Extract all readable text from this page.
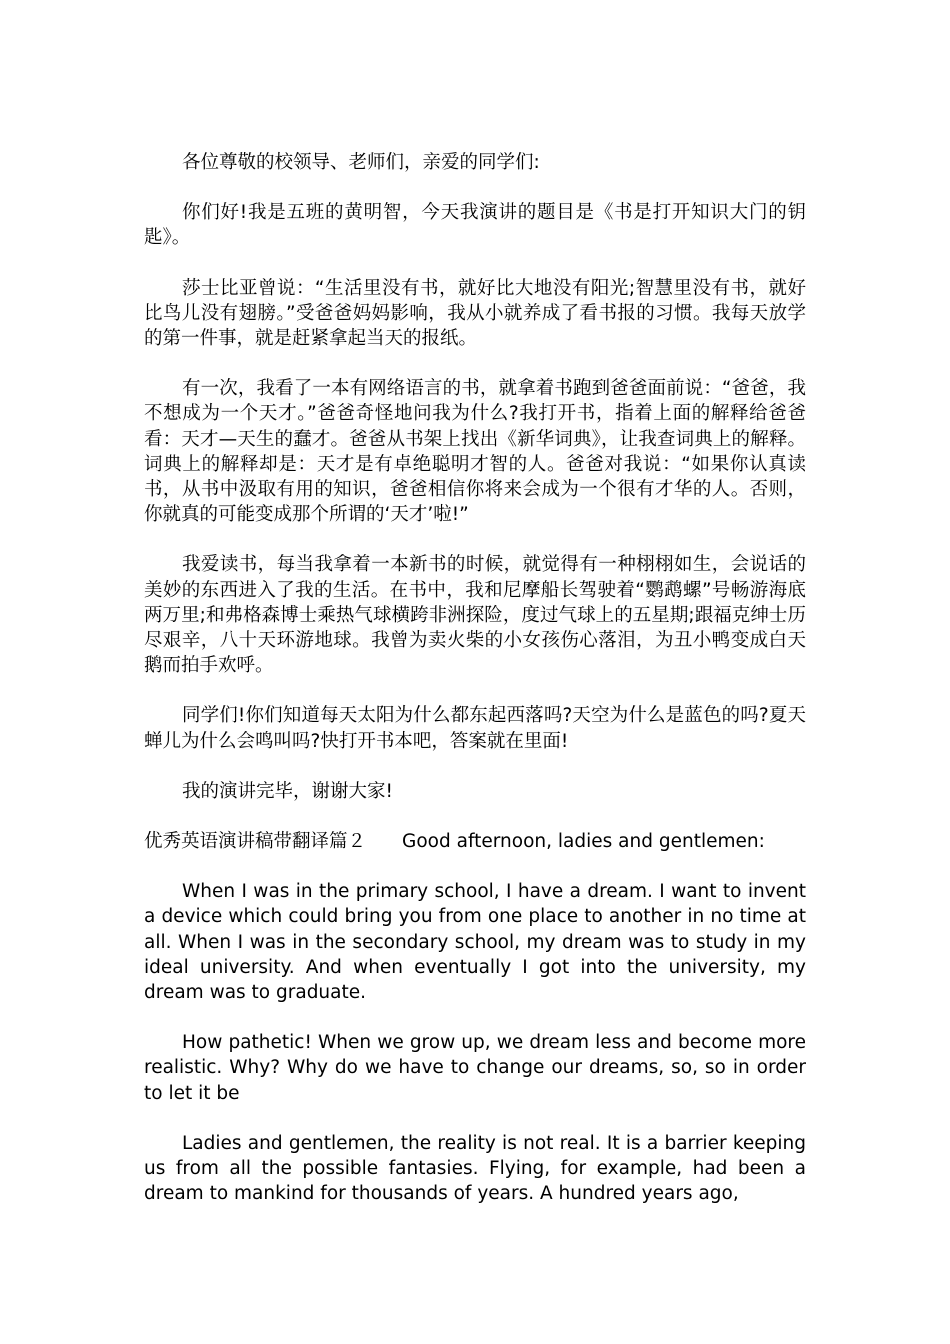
各位尊敬的校领导、老师们，亲爱的同学们:

你们好!我是五班的黄明智，今天我演讲的题目是《书是打开知识大门的钥匙》。

莎士比亚曾说：“生活里没有书，就好比大地没有阳光;智慧里没有书，就好比鸟儿没有翅膀。”受爸爸妈妈影响，我从小就养成了看书报的习惯。我每天放学的第一件事，就是赶紧拿起当天的报纸。

有一次，我看了一本有网络语言的书，就拿着书跑到爸爸面前说：“爸爸，我不想成为一个天才。”爸爸奇怪地问我为什么?我打开书，指着上面的解释给爸爸看：天才—天生的蠢才。爸爸从书架上找出《新华词典》，让我查词典上的解释。词典上的解释却是：天才是有卓绝聪明才智的人。爸爸对我说：“如果你认真读书，从书中汲取有用的知识，爸爸相信你将来会成为一个很有才华的人。否则，你就真的可能变成那个所谓的‘天才’啦!”

我爱读书，每当我拿着一本新书的时候，就觉得有一种栩栩如生，会说话的美妙的东西进入了我的生活。在书中，我和尼摩船长驾驶着“鹦鹉螺”号畅游海底两万里;和弗格森博士乘热气球横跨非洲探险，度过气球上的五星期;跟福克绅士历尽艰辛，八十天环游地球。我曾为卖火柴的小女孩伤心落泪，为丑小鸭变成白天鹅而拍手欢呼。

同学们!你们知道每天太阳为什么都东起西落吗?天空为什么是蓝色的吗?夏天蝉儿为什么会鸣叫吗?快打开书本吧，答案就在里面!

我的演讲完毕，谢谢大家!

优秀英语演讲稿带翻译篇２ Good afternoon, ladies and gentlemen:

When I was in the primary school, I have a dream. I want to invent a device which could bring you from one place to another in no time at all. When I was in the secondary school, my dream was to study in my ideal university. And when eventually I got into the university, my dream was to graduate.

How pathetic! When we grow up, we dream less and become more realistic. Why? Why do we have to change our dreams, so, so in order to let it be

Ladies and gentlemen, the reality is not real. It is a barrier keeping us from all the possible fantasies. Flying, for example, had been a dream to mankind for thousands of years. A hundred years ago,
